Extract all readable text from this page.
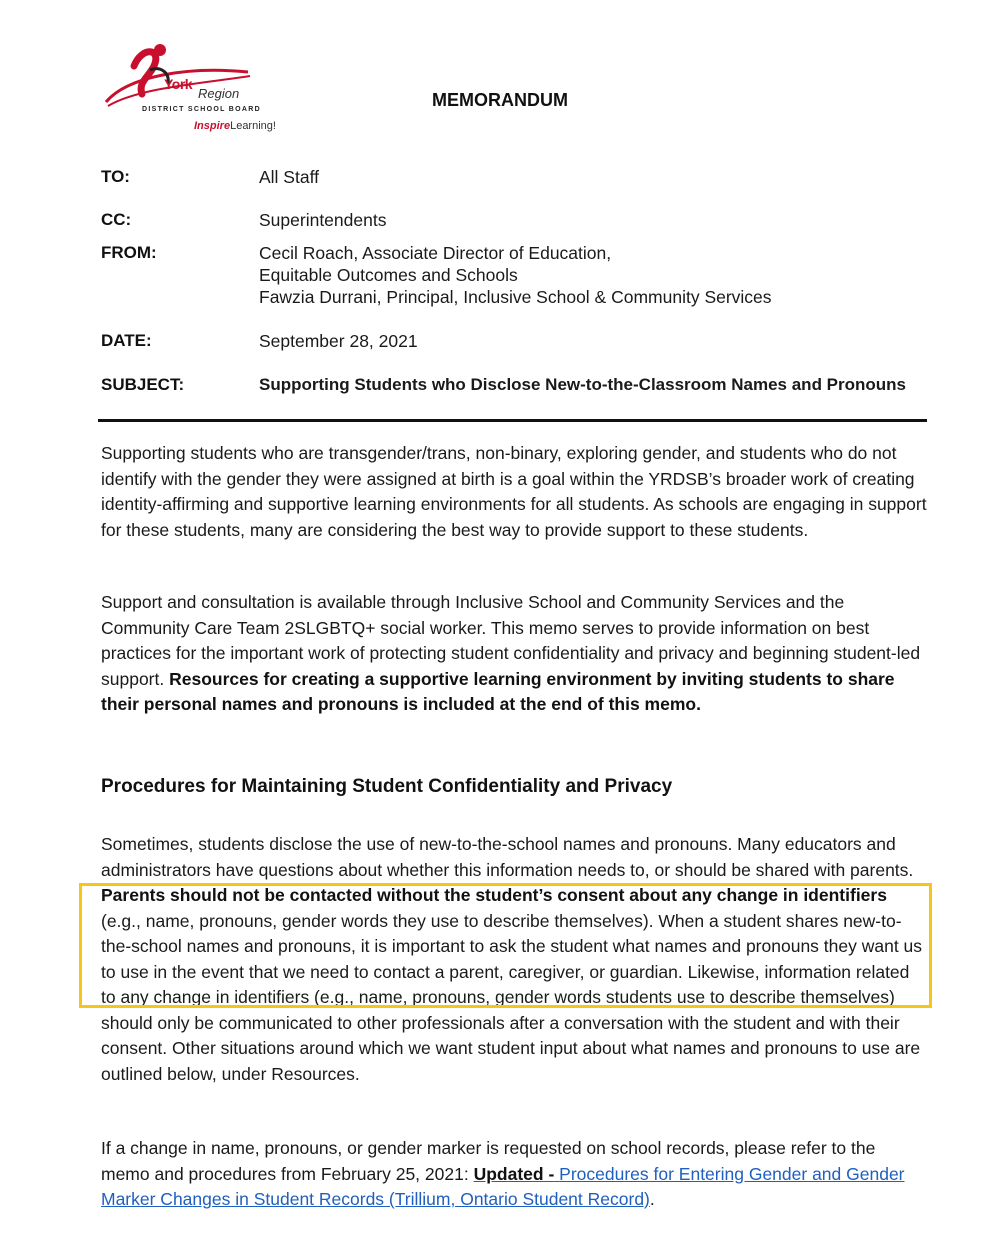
York
Region
DISTRICT SCHOOL BOARD
InspireLearning!
MEMORANDUM
TO:	All Staff
CC:	Superintendents
FROM:	Cecil Roach, Associate Director of Education,
Equitable Outcomes and Schools
Fawzia Durrani, Principal, Inclusive School & Community Services
DATE:	September 28, 2021
SUBJECT:	Supporting Students who Disclose New-to-the-Classroom Names and Pronouns
Supporting students who are transgender/trans, non-binary, exploring gender, and students who do not identify with the gender they were assigned at birth is a goal within the YRDSB’s broader work of creating identity-affirming and supportive learning environments for all students. As schools are engaging in support for these students, many are considering the best way to provide support to these students.
Support and consultation is available through Inclusive School and Community Services and the Community Care Team 2SLGBTQ+ social worker. This memo serves to provide information on best practices for the important work of protecting student confidentiality and privacy and beginning student-led support. Resources for creating a supportive learning environment by inviting students to share their personal names and pronouns is included at the end of this memo.
Procedures for Maintaining Student Confidentiality and Privacy
Sometimes, students disclose the use of new-to-the-school names and pronouns. Many educators and administrators have questions about whether this information needs to, or should be shared with parents. Parents should not be contacted without the student’s consent about any change in identifiers (e.g., name, pronouns, gender words they use to describe themselves). When a student shares new-to-the-school names and pronouns, it is important to ask the student what names and pronouns they want us to use in the event that we need to contact a parent, caregiver, or guardian. Likewise, information related to any change in identifiers (e.g., name, pronouns, gender words students use to describe themselves) should only be communicated to other professionals after a conversation with the student and with their consent. Other situations around which we want student input about what names and pronouns to use are outlined below, under Resources.
If a change in name, pronouns, or gender marker is requested on school records, please refer to the memo and procedures from February 25, 2021: Updated - Procedures for Entering Gender and Gender Marker Changes in Student Records (Trillium, Ontario Student Record).
